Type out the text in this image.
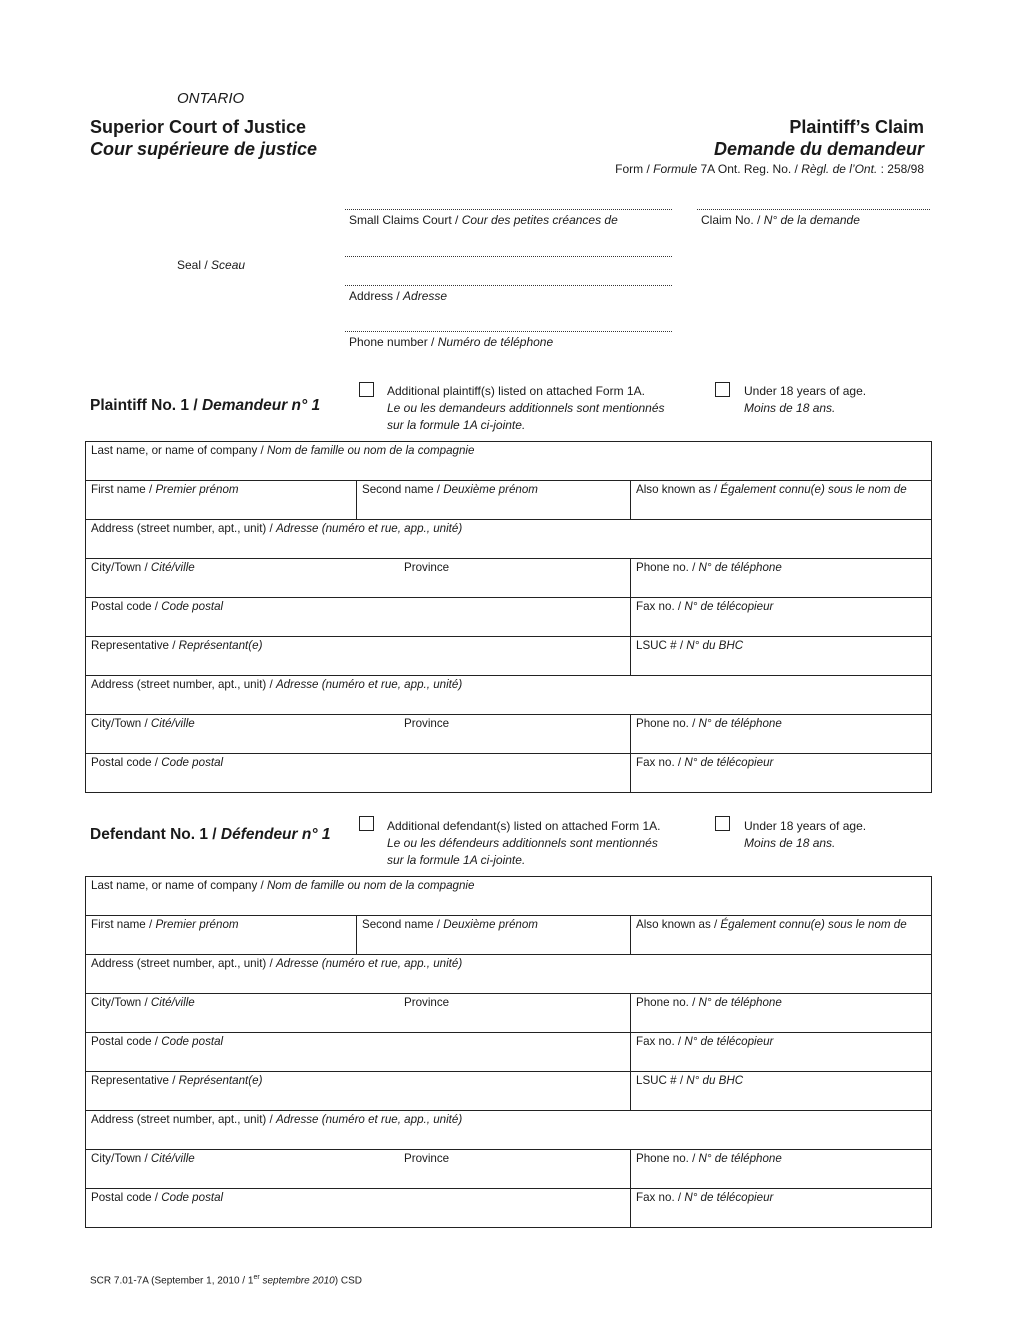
ONTARIO
Superior Court of Justice
Cour supérieure de justice
Plaintiff’s Claim
Demande du demandeur
Form / Formule 7A Ont. Reg. No. / Règl. de l’Ont. : 258/98
Small Claims Court / Cour des petites créances de	Claim No. / N° de la demande
Seal / Sceau
Address / Adresse
Phone number / Numéro de téléphone
Plaintiff No. 1 / Demandeur n° 1
Additional plaintiff(s) listed on attached Form 1A.
Le ou les demandeurs additionnels sont mentionnés
sur la formule 1A ci-jointe.
Under 18 years of age.
Moins de 18 ans.
Last name, or name of company / Nom de famille ou nom de la compagnie		
First name / Premier prénom	Second name / Deuxième prénom	Also known as / Également connu(e) sous le nom de
Address (street number, apt., unit) / Adresse (numéro et rue, app., unité)		
City/Town / Cité/ville Province		Phone no. / N° de téléphone
Postal code / Code postal		Fax no. / N° de télécopieur
Representative / Représentant(e)		LSUC # / N° du BHC
Address (street number, apt., unit) / Adresse (numéro et rue, app., unité)		
City/Town / Cité/ville Province		Phone no. / N° de téléphone
Postal code / Code postal		Fax no. / N° de télécopieur
Defendant No. 1 / Défendeur n° 1	Additional defendant(s) listed on attached Form 1A.
Le ou les défendeurs additionnels sont mentionnés
sur la formule 1A ci-jointe.
Under 18 years of age.
Moins de 18 ans.
Last name, or name of company / Nom de famille ou nom de la compagnie		
First name / Premier prénom	Second name / Deuxième prénom	Also known as / Également connu(e) sous le nom de
Address (street number, apt., unit) / Adresse (numéro et rue, app., unité)		
City/Town / Cité/ville Province		Phone no. / N° de téléphone
Postal code / Code postal		Fax no. / N° de télécopieur
Representative / Représentant(e)		LSUC # / N° du BHC
Address (street number, apt., unit) / Adresse (numéro et rue, app., unité)		
City/Town / Cité/ville Province		Phone no. / N° de téléphone
Postal code / Code postal		Fax no. / N° de télécopieur
SCR 7.01-7A (September 1, 2010 / 1er septembre 2010) CSD
